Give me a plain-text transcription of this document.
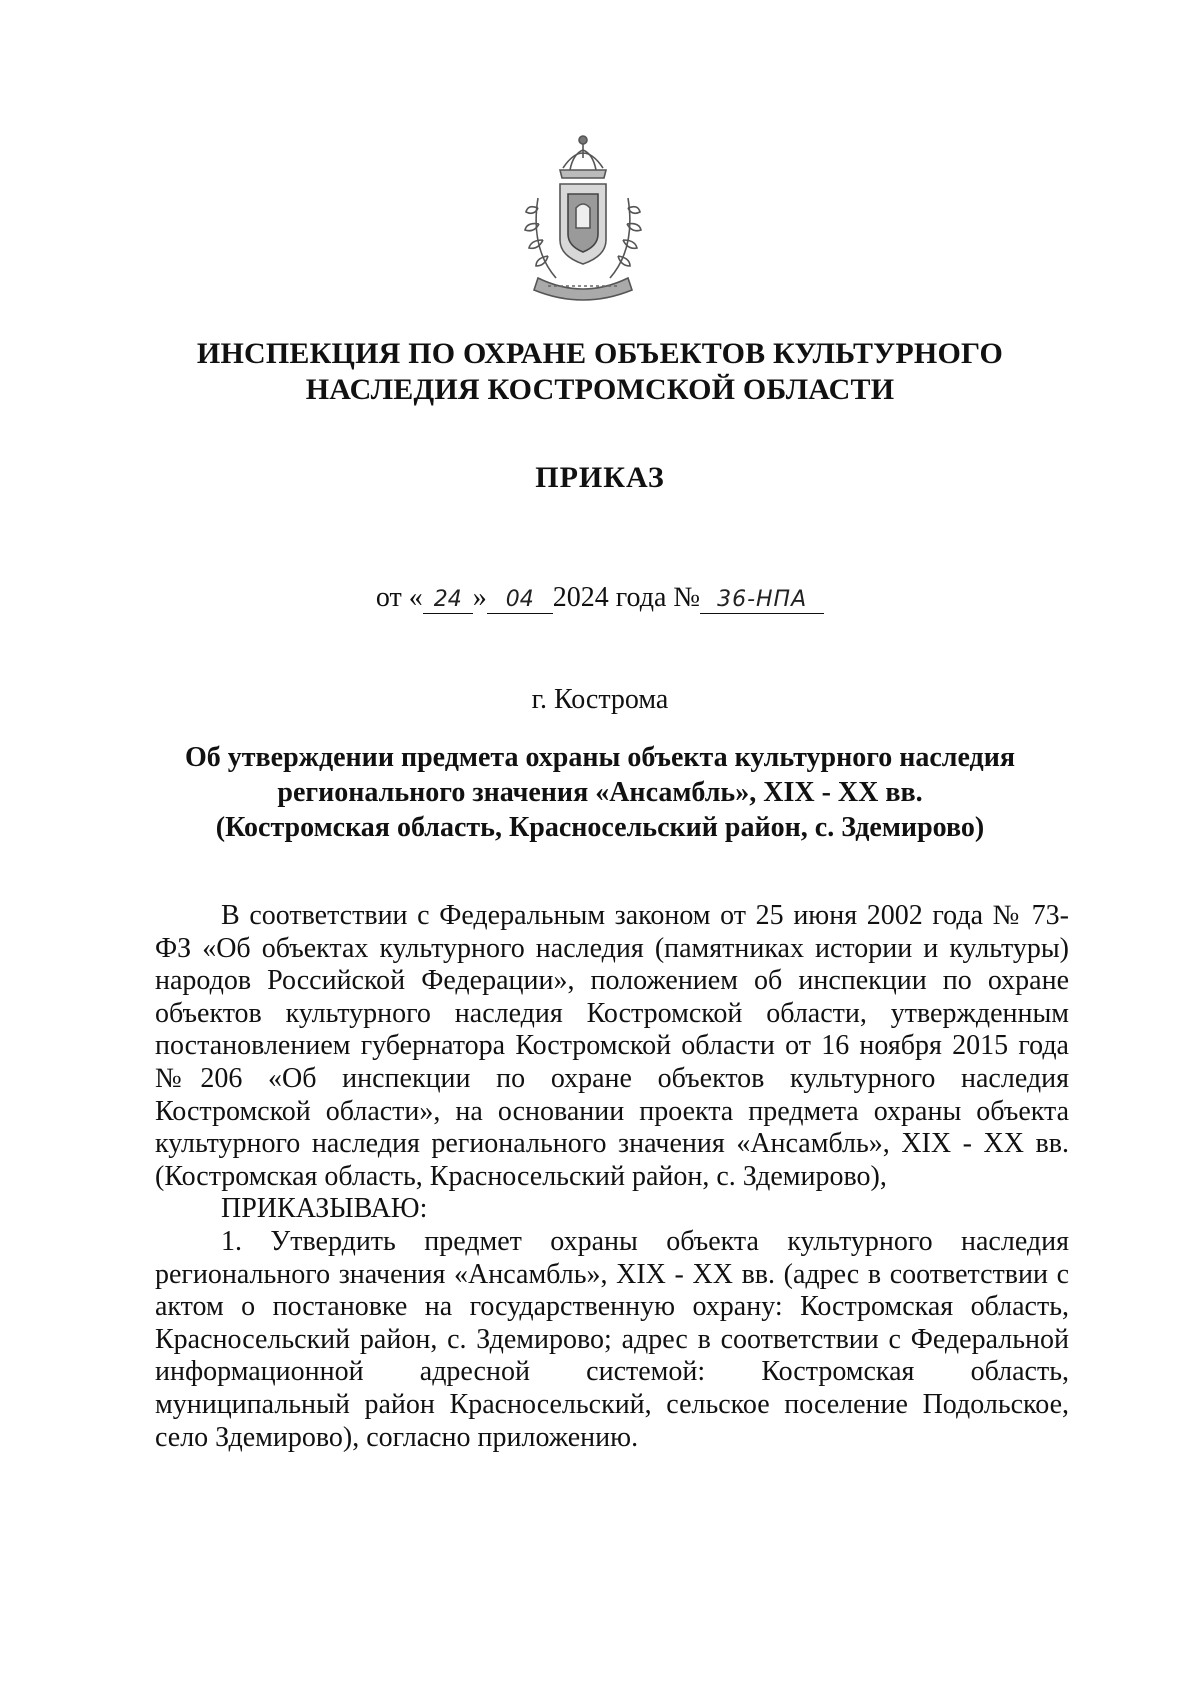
ИНСПЕКЦИЯ ПО ОХРАНЕ ОБЪЕКТОВ КУЛЬТУРНОГО
НАСЛЕДИЯ КОСТРОМСКОЙ ОБЛАСТИ
ПРИКАЗ
от « 24 » 04 2024 года № 36-НПА
г. Кострома
Об утверждении предмета охраны объекта культурного наследия
регионального значения «Ансамбль», XIX - XX вв.
(Костромская область, Красносельский район, с. Здемирово)

В соответствии с Федеральным законом от 25 июня 2002 года № 73-ФЗ «Об объектах культурного наследия (памятниках истории и культуры) народов Российской Федерации», положением об инспекции по охране объектов культурного наследия Костромской области, утвержденным постановлением губернатора Костромской области от 16 ноября 2015 года №206 «Об инспекции по охране объектов культурного наследия Костромской области», на основании проекта предмета охраны объекта культурного наследия регионального значения «Ансамбль», XIX - XX вв. (Костромская область, Красносельский район, с. Здемирово),

ПРИКАЗЫВАЮ:

1. Утвердить предмет охраны объекта культурного наследия регионального значения «Ансамбль», XIX - XX вв. (адрес в соответствии с актом о постановке на государственную охрану: Костромская область, Красносельский район, с. Здемирово; адрес в соответствии с Федеральной информационной адресной системой: Костромская область, муниципальный район Красносельский, сельское поселение Подольское, село Здемирово), согласно приложению.
